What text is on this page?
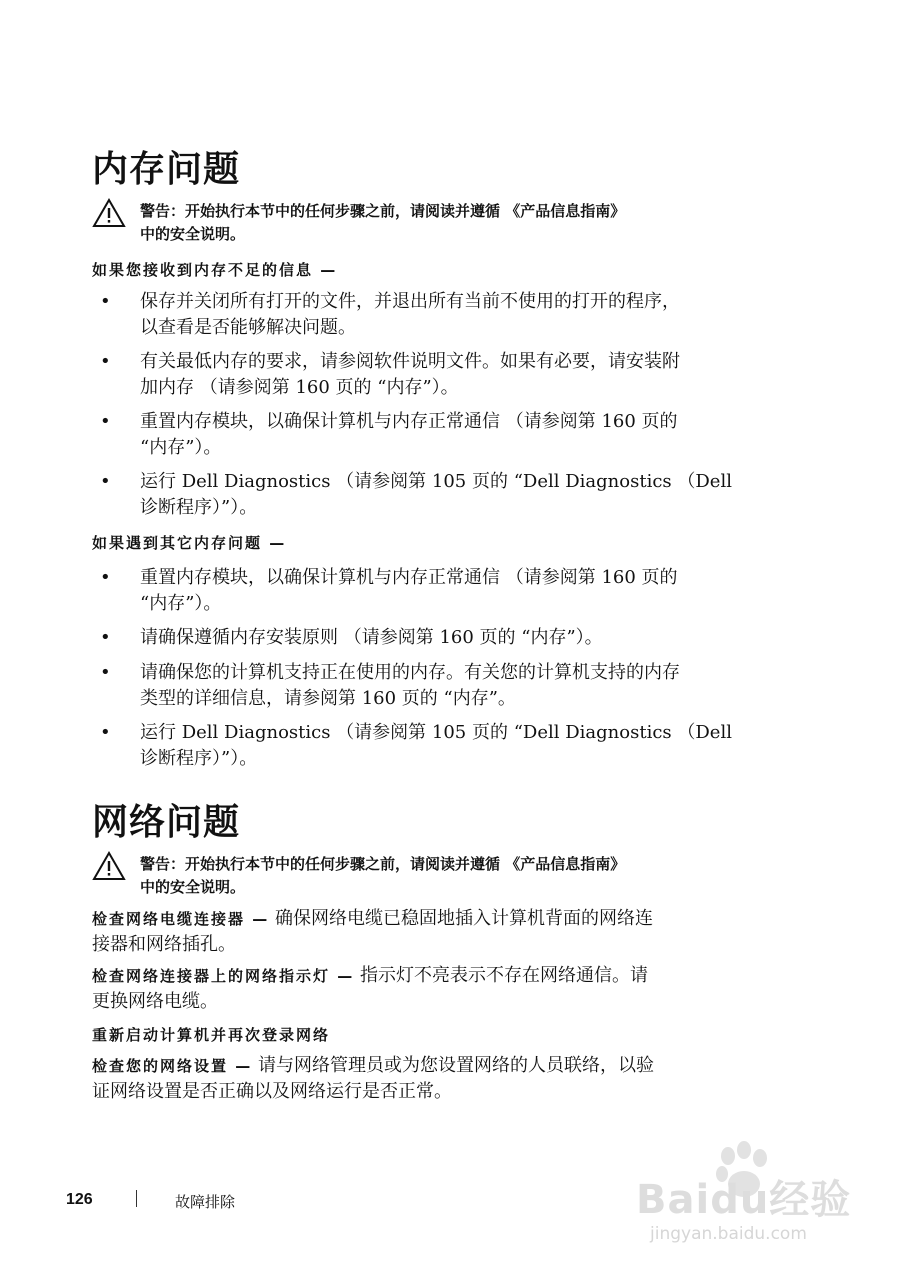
内存问题
警告：开始执行本节中的任何步骤之前，请阅读并遵循 《产品信息指南》
中的安全说明。
如果您接收到内存不足的信息 —
• 保存并关闭所有打开的文件，并退出所有当前不使用的打开的程序，
以查看是否能够解决问题。
• 有关最低内存的要求，请参阅软件说明文件。如果有必要，请安装附
加内存 （请参阅第 160 页的 “内存”）。
• 重置内存模块，以确保计算机与内存正常通信 （请参阅第 160 页的
“内存”）。
• 运行 Dell Diagnostics （请参阅第 105 页的 “Dell Diagnostics （Dell
诊断程序）”）。
如果遇到其它内存问题 —
• 重置内存模块，以确保计算机与内存正常通信 （请参阅第 160 页的
“内存”）。
• 请确保遵循内存安装原则 （请参阅第 160 页的 “内存”）。
• 请确保您的计算机支持正在使用的内存。有关您的计算机支持的内存
类型的详细信息，请参阅第 160 页的 “内存”。
• 运行 Dell Diagnostics （请参阅第 105 页的 “Dell Diagnostics （Dell
诊断程序）”）。
网络问题
警告：开始执行本节中的任何步骤之前，请阅读并遵循 《产品信息指南》
中的安全说明。
检查网络电缆连接器 — 确保网络电缆已稳固地插入计算机背面的网络连
接器和网络插孔。
检查网络连接器上的网络指示灯 — 指示灯不亮表示不存在网络通信。请
更换网络电缆。
重新启动计算机并再次登录网络
检查您的网络设置 — 请与网络管理员或为您设置网络的人员联络，以验
证网络设置是否正确以及网络运行是否正常。
126	故障排除	Baidu经验
jingyan.baidu.com
